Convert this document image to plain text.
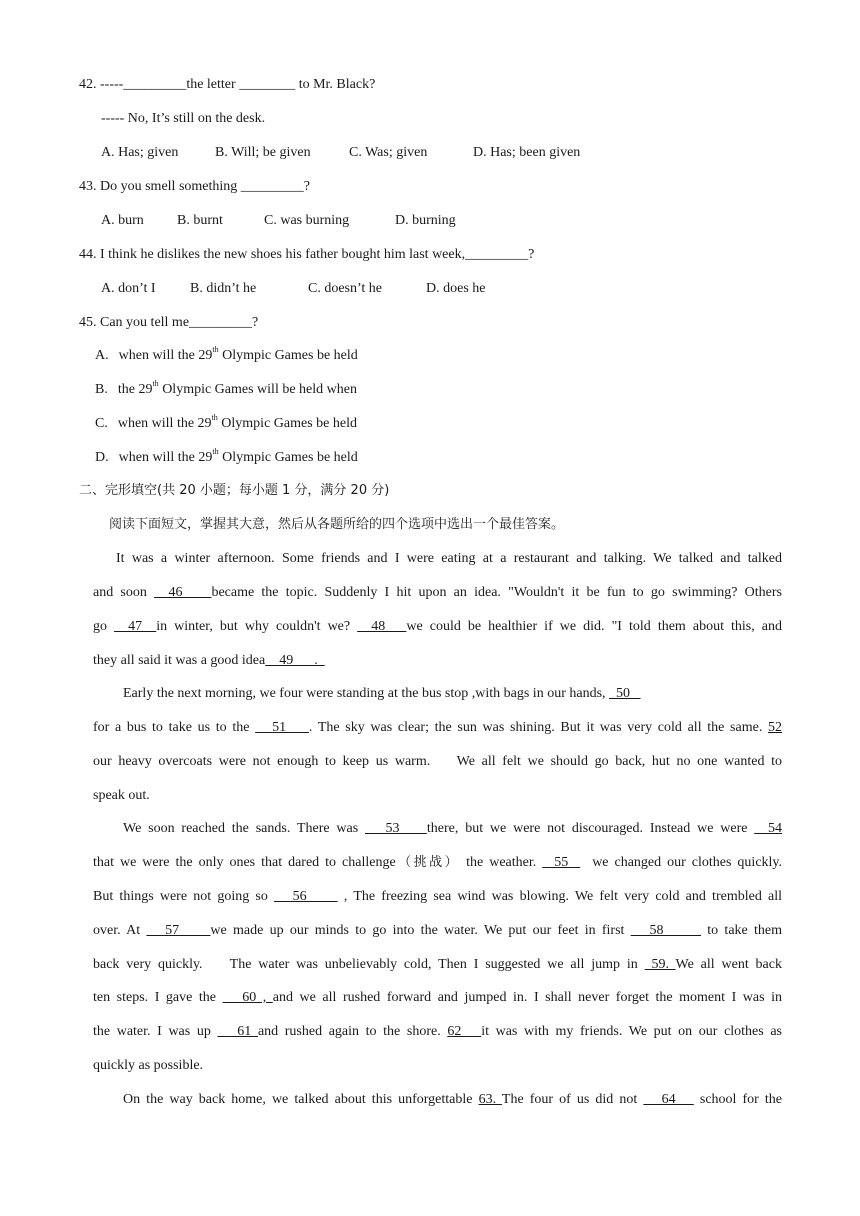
42. -----_________the letter ________ to Mr. Black?
----- No, It’s still on the desk.
A. Has; given	B. Will; be given	C. Was; given	D. Has; been given
43. Do you smell something _________?
A. burn B. burnt	C. was burning	D. burning
44. I think he dislikes the new shoes his father bought him last week,_________?
A. don’t I B. didn’t he	C. doesn’t he	D. does he
45. Can you tell me_________?
A. when will the 29th Olympic Games be held
B. the 29th Olympic Games will be held when
C. when will the 29th Olympic Games be held
D. when will the 29th Olympic Games be held
二、完形填空(共 20 小题；每小题 1 分，满分 20 分)
阅读下面短文，掌握其大意，然后从各题所给的四个选项中选出一个最佳答案。
It was a winter afternoon. Some friends and I were eating at a restaurant and talking. We talked and talked
and soon   46    became the topic. Suddenly I hit upon an idea. "Wouldn't it be fun to go swimming? Others
go   47  in winter, but why couldn't we?   48   we could be healthier if we did. "I told them about this, and
they all said it was a good idea    49      .
Early the next morning, we four were standing at the bus stop ,with bags in our hands,   50
for a bus to take us to the    51    . The sky was clear; the sun was shining. But it was very cold all the same. 52
our heavy overcoats were not enough to keep us warm.    We all felt we should go back, hut no one wanted to
speak out.
We soon reached the sands. There was    53    there, but we were not discouraged. Instead we were   54
that we were the only ones that dared to challenge（挑战） the weather.   55    we changed our clothes quickly.
But things were not going so    56      , The freezing sea wind was blowing. We felt very cold and trembled all
over. At    57     we made up our minds to go into the water. We put our feet in first    58       to take them
back very quickly.    The water was unbelievably cold, Then I suggested we all jump in  59. We all went back
ten steps. I gave the    60 , and we all rushed forward and jumped in. I shall never forget the moment I was in
the water. I was up    61 and rushed again to the shore. 62   it was with my friends. We put on our clothes as
quickly as possible.
On the way back home, we talked about this unforgettable 63. The four of us did not    64    school for the
